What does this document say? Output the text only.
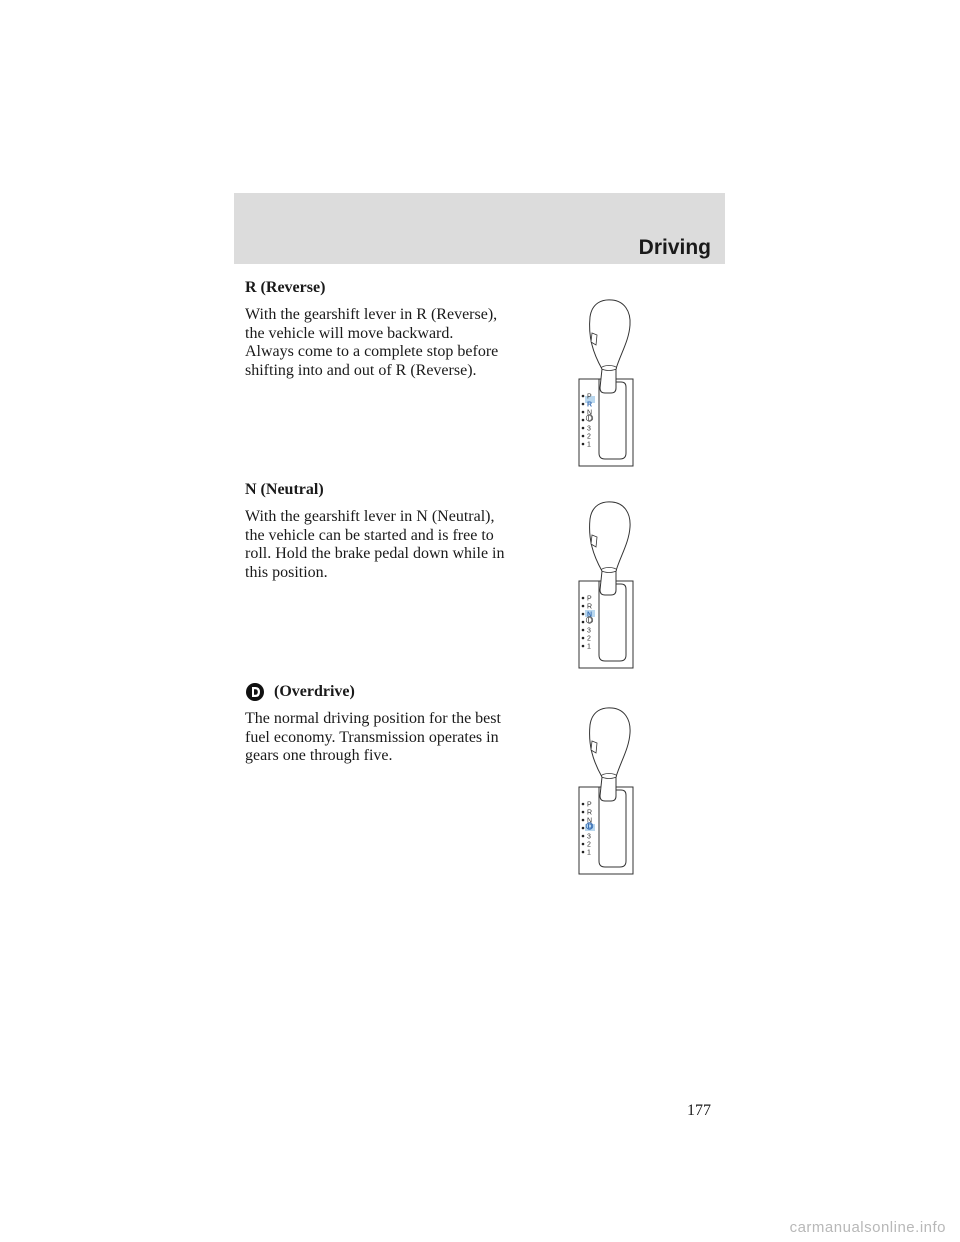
Driving
R (Reverse)

With the gearshift lever in R (Reverse), the vehicle will move backward. Always come to a complete stop before shifting into and out of R (Reverse).

N (Neutral)

With the gearshift lever in N (Neutral), the vehicle can be started and is free to roll. Hold the brake pedal down while in this position.

(Overdrive)

The normal driving position for the best fuel economy. Transmission operates in gears one through five.

P
R
N
D
3
2
1
P
R
N
D
3
2
1
P
R
N
D
3
2
1
177
carmanualsonline.info
